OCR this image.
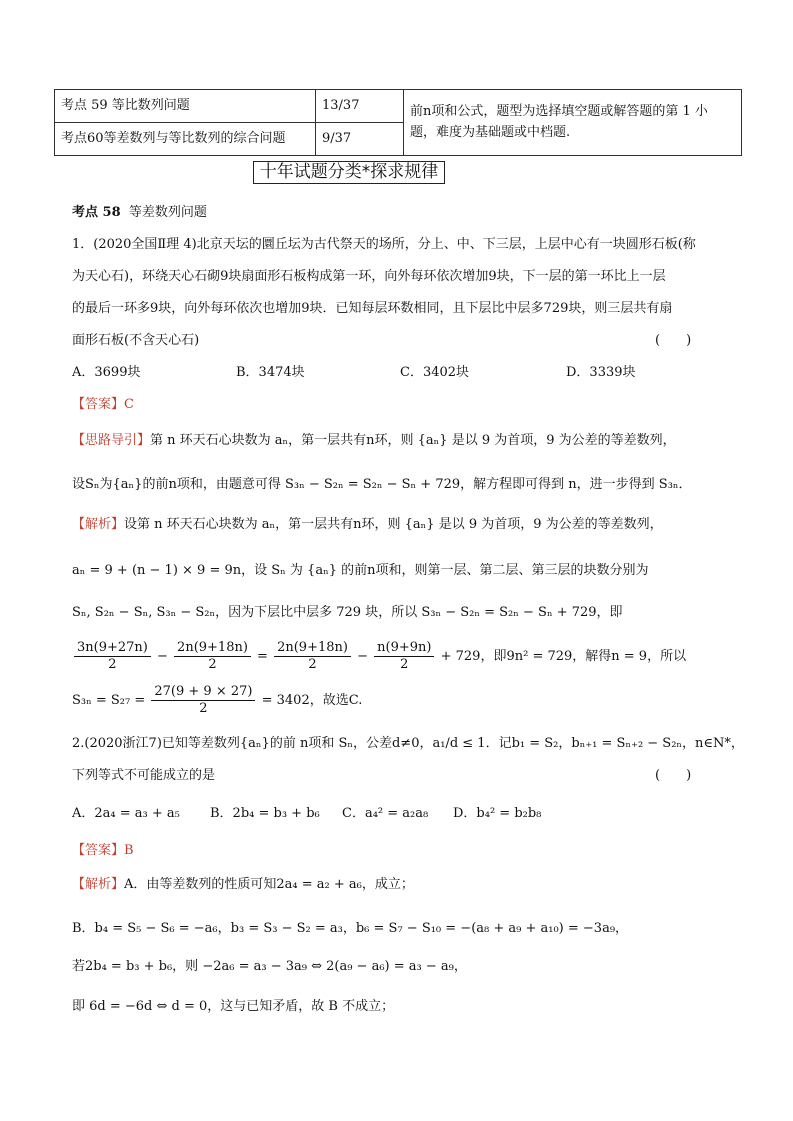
考点 59 等比数列问题	13/37	前n项和公式，题型为选择填空题或解答题的第 1 小
题，难度为基础题或中档题.
考点60等差数列与等比数列的综合问题	9/37	
十年试题分类*探求规律
考点 58 等差数列问题
1．(2020全国Ⅱ理 4)北京天坛的圜丘坛为古代祭天的场所，分上、中、下三层，上层中心有一块圆形石板(称
为天心石)，环绕天心石砌9块扇面形石板构成第一环，向外每环依次增加9块，下一层的第一环比上一层
的最后一环多9块，向外每环依次也增加9块．已知每层环数相同，且下层比中层多729块，则三层共有扇
面形石板(不含天心石)	(　　)
A．3699块	B．3474块	C．3402块	D．3339块
【答案】C
【思路导引】第 n 环天石心块数为 aₙ，第一层共有n环，则 {aₙ} 是以 9 为首项，9 为公差的等差数列，
设Sₙ为{aₙ}的前n项和，由题意可得 S₃ₙ − S₂ₙ = S₂ₙ − Sₙ + 729，解方程即可得到 n，进一步得到 S₃ₙ．
【解析】设第 n 环天石心块数为 aₙ，第一层共有n环，则 {aₙ} 是以 9 为首项，9 为公差的等差数列，
aₙ = 9 + (n − 1) × 9 = 9n，设 Sₙ 为 {aₙ} 的前n项和，则第一层、第二层、第三层的块数分别为
Sₙ, S₂ₙ − Sₙ, S₃ₙ − S₂ₙ，因为下层比中层多 729 块，所以 S₃ₙ − S₂ₙ = S₂ₙ − Sₙ + 729，即
$\frac{3n(9+27n)}{2} - \frac{2n(9+18n)}{2} = \frac{2n(9+18n)}{2} - \frac{n(9+9n)}{2} + 729$，即9n² = 729，解得n = 9，所以
$S_{3n} = S_{27} = \frac{27(9 + 9 \times 27)}{2} = 3402$，故选C.
2.(2020浙江7)已知等差数列{aₙ}的前 n项和 Sₙ，公差d≠0，a₁/d ≤ 1．记b₁ = S₂，bₙ₊₁ = Sₙ₊₂ − S₂ₙ，n∈N*，
下列等式不可能成立的是	(　　)
A．2a₄ = a₃ + a₅ B．2b₄ = b₃ + b₆ C．a₄² = a₂a₈ D．b₄² = b₂b₈
【答案】B
【解析】A．由等差数列的性质可知2a₄ = a₂ + a₆，成立；
B．b₄ = S₅ − S₆ = −a₆，b₃ = S₃ − S₂ = a₃，b₆ = S₇ − S₁₀ = −(a₈ + a₉ + a₁₀) = −3a₉，
若2b₄ = b₃ + b₆，则 −2a₆ = a₃ − 3a₉ ⇔ 2(a₉ − a₆) = a₃ − a₉，
即 6d = −6d ⇔ d = 0，这与已知矛盾，故 B 不成立；
